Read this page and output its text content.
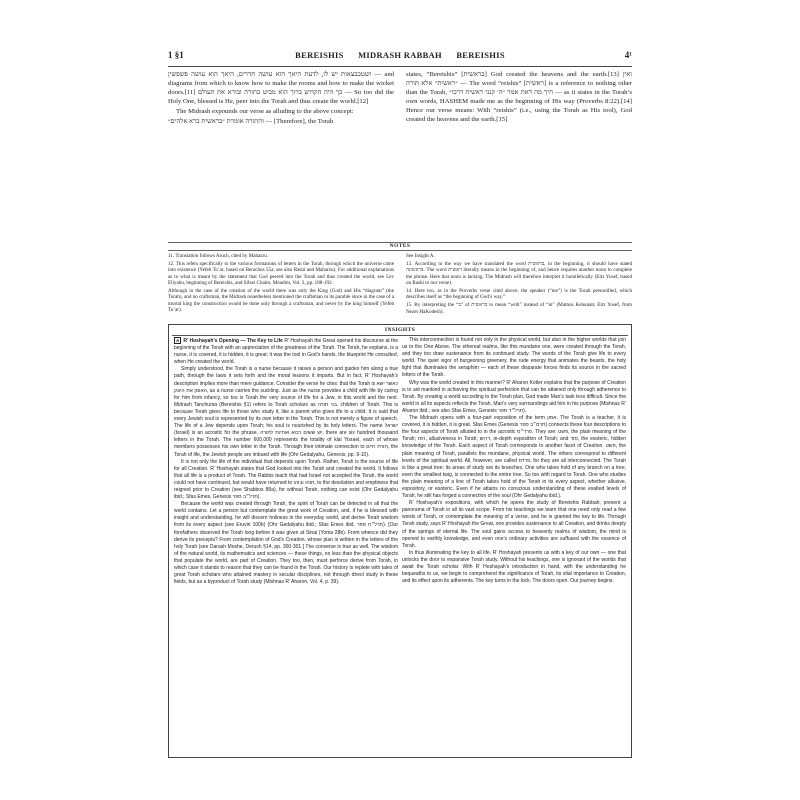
1 §1	BEREISHIS MIDRASH RABBAH BEREISHIS	4¹

ושטכבצאות יש לו, לדעת היאך הוא עושה חדרים, היאך הוא עושה פשפשין — and diagrams from which to know how to make the rooms and how to make the wicket doors.[11] כך היה הקדוש ברוך הוא מביט בתורה ובורא את העולם — So too did the Holy One, blessed is He, peer into the Torah and thus create the world.[12]

The Midrash expounds our verse as alluding to the above concept:

והתורה אומרת ״בראשית ברא אלהים״ — [Therefore], the Torah

states, “Bereishis” [בראשית] God created the heavens and the earth.[13] ואין ״ראשית״ אלא תורה — The word “reishis” [ראשית] is a reference to nothing other than the Torah, היך מה דאת אמר ״ה׳ קנני ראשית דרכו״ — as it states in the Torah’s own words, HASHEM made me as the beginning of His way (Proverbs 8:22).[14] Hence our verse means: With “reishis” (i.e., using the Torah as His tool), God created the heavens and the earth.[15]

NOTES

11. Translation follows Aruch, cited by Maharzu.

12. This refers specifically to the various formations of letters in the Torah, through which the universe came into existence (Yefeh To’ar, based on Berachos 55a; see also Rashi and Maharzu). For additional explanations as to what is meant by the statement that God peered into the Torah and thus created the world, see Lev Eliyahu, beginning of Bereishis, and Sifsei Chaim, Moadim, Vol. 3, pp. 188-192.

Although in the case of the creation of the world there was only the King (God) and His “diagram” (the Torah), and no craftsman, the Midrash nonetheless mentioned the craftsman in its parable since in the case of a mortal king the construction would be done only through a craftsman, and never by the king himself (Yefeh To’ar).

See Insight A.

13. According to the way we have translated the word בראשית, in the beginning, it should have stated בראשונה. The word ראשית literally means in the beginning of, and hence requires another noun to complete the phrase. Here that noun is lacking. The Midrash will therefore interpret it homiletically (Eitz Yosef, based on Rashi to our verse).

14. Here too, as in the Proverbs verse cited above, the speaker (“me”) is the Torah personified, which describes itself as “the beginning of God’s way.”

15. By interpreting the “ב” of בראשית to mean “with” instead of “in” (Matnos Kehunah; Eitz Yosef, from Nezer HaKodesh).

INSIGHTS

A R’ Hoshayah’s Opening — The Key to Life R’ Hoshayah the Great opened his discourse at the beginning of the Torah with an appreciation of the greatness of the Torah. The Torah, he explains, is a nurse, it is covered, it is hidden, it is great; it was the tool in God’s hands, the blueprint He consulted, when He created the world.

Simply understood, the Torah is a nurse because it raises a person and guides him along a true path, through the laws it sets forth and the moral lessons it imparts. But in fact, R’ Hoshayah’s description implies more than mere guidance. Consider the verse he cites: that the Torah is כאשר ישא האומן את היונק, as a nurse carries the suckling. Just as the nurse provides a child with life by caring for him from infancy, so too is Torah the very source of life for a Jew, in this world and the next. Midrash Tanchuma (Bereishis §1) refers to Torah scholars as בני תורה, children of Torah. This is because Torah gives life to those who study it, like a parent who gives life to a child. It is said that every Jewish soul is represented by its own letter in the Torah. This is not merely a figure of speech. The life of a Jew depends upon Torah; his soul is nourished by its holy letters. The name ישראל (Israel) is an acrostic for the phrase, יש ששים רבוא אותיות לתורה, there are six hundred thousand letters in the Torah. The number 600,000 represents the totality of klal Yisrael, each of whose members possesses his own letter in the Torah. Through their intimate connection to תורת חיים, the Torah of life, the Jewish people are imbued with life (Ohr Gedalyahu, Genesis, pp. 9-10).

It is not only the life of the individual that depends upon Torah. Rather, Torah is the source of life for all Creation. R’ Hoshayah states that God looked into the Torah and created the world. It follows that all life is a product of Torah. The Rabbis teach that had Israel not accepted the Torah, the world could not have continued, but would have returned to תוהו ובוהו, to the desolation and emptiness that reigned prior to Creation (see Shabbos 88a), for without Torah, nothing can exist (Ohr Gedalyahu ibid.; Sfas Emes, Genesis תרל״ב ספר).

Because the world was created through Torah, the spirit of Torah can be detected in all that the world contains. Let a person but contemplate the great work of Creation, and, if he is blessed with insight and understanding, he will discern holiness in the everyday world, and derive Torah wisdom from its every aspect (see Eruvin 100b) (Ohr Gedalyahu ibid.; Sfas Emes ibid. תרל״ח ספר). [Our forefathers observed the Torah long before it was given at Sinai (Yoma 28b). From whence did they derive its precepts? From contemplation of God’s Creation, whose plan is written in the letters of the holy Torah (see Darash Moshe, Derush §14, pp. 300-301.] The converse is true as well. The wisdom of the natural world, its mathematics and sciences — these things, no less than the physical objects that populate the world, are part of Creation. They too, then, must perforce derive from Torah, in which case it stands to reason that they can be found in the Torah. Our history is replete with tales of great Torah scholars who attained mastery in secular disciplines, not through direct study in these fields, but as a byproduct of Torah study (Mishnas R’ Aharon, Vol. 4, p. 39).

This interconnection is found not only in the physical world, but also in the higher worlds that join us to the One Above. The ethereal realms, like this mundane one, were created through the Torah, and they too draw sustenance from its continued study. The words of the Torah give life to every world. The quiet vigor of burgeoning greenery, the rude energy that animates the beasts, the holy light that illuminates the seraphim — each of these disparate forces finds its source in the sacred letters of the Torah.

Why was the world created in this manner? R’ Aharon Kotler explains that the purpose of Creation is to aid mankind in achieving the spiritual perfection that can be attained only through adherence to Torah. By creating a world according to the Torah plan, God made Man’s task less difficult. Since the world in all its aspects reflects the Torah, Man’s very surroundings aid him in his purpose (Mishnas R’ Aharon ibid.; see also Sfas Emes, Genesis תרל״ד ספר).

The Midrash opens with a four-part exposition of the term אמון. The Torah is a teacher, it is covered, it is hidden, it is great. Sfas Emes (Genesis תרמ״ב ספר) connects these four descriptions to the four aspects of Torah alluded to in the acrostic פרד״ס. They are: פשט, the plain meaning of the Torah; רמז, allusiveness in Torah; דרוש, in-depth exposition of Torah; and סוד, the esoteric, hidden knowledge of the Torah. Each aspect of Torah corresponds to another facet of Creation. פשט, the plain meaning of Torah, parallels the mundane, physical world. The others correspond to different levels of the spiritual world. All, however, are called פרדס, for they are all interconnected. The Torah is like a great tree; its areas of study are its branches. One who takes hold of any branch on a tree, even the smallest twig, is connected to the entire tree. So too with regard to Torah. One who studies the plain meaning of a line of Torah takes hold of the Torah in its every aspect, whether allusive, expository, or esoteric. Even if he attains no conscious understanding of these exalted levels of Torah, he still has forged a connection of the soul (Ohr Gedalyahu ibid.).

R’ Hoshayah’s expositions, with which he opens the study of Bereishis Rabbah, present a panorama of Torah in all its vast scope. From his teachings we learn that one need only read a few words of Torah, or contemplate the meaning of a verse, and he is granted the key to life. Through Torah study, says R’ Hoshayah the Great, one provides sustenance to all Creation, and drinks deeply of the springs of eternal life. The soul gains access to heavenly realms of wisdom, the mind is opened to earthly knowledge, and even one’s ordinary activities are suffused with the essence of Torah.

In thus illuminating the key to all life, R’ Hoshayah presents us with a key of our own — one that unlocks the door to expansive Torah study. Without his teachings, one is ignorant of the worlds that await the Torah scholar. With R’ Hoshayah’s introduction in hand, with the understanding he bequeaths to us, we begin to comprehend the significance of Torah, its vital importance to Creation, and its effect upon its adherents. The key turns in the lock. The doors open. Our journey begins.
